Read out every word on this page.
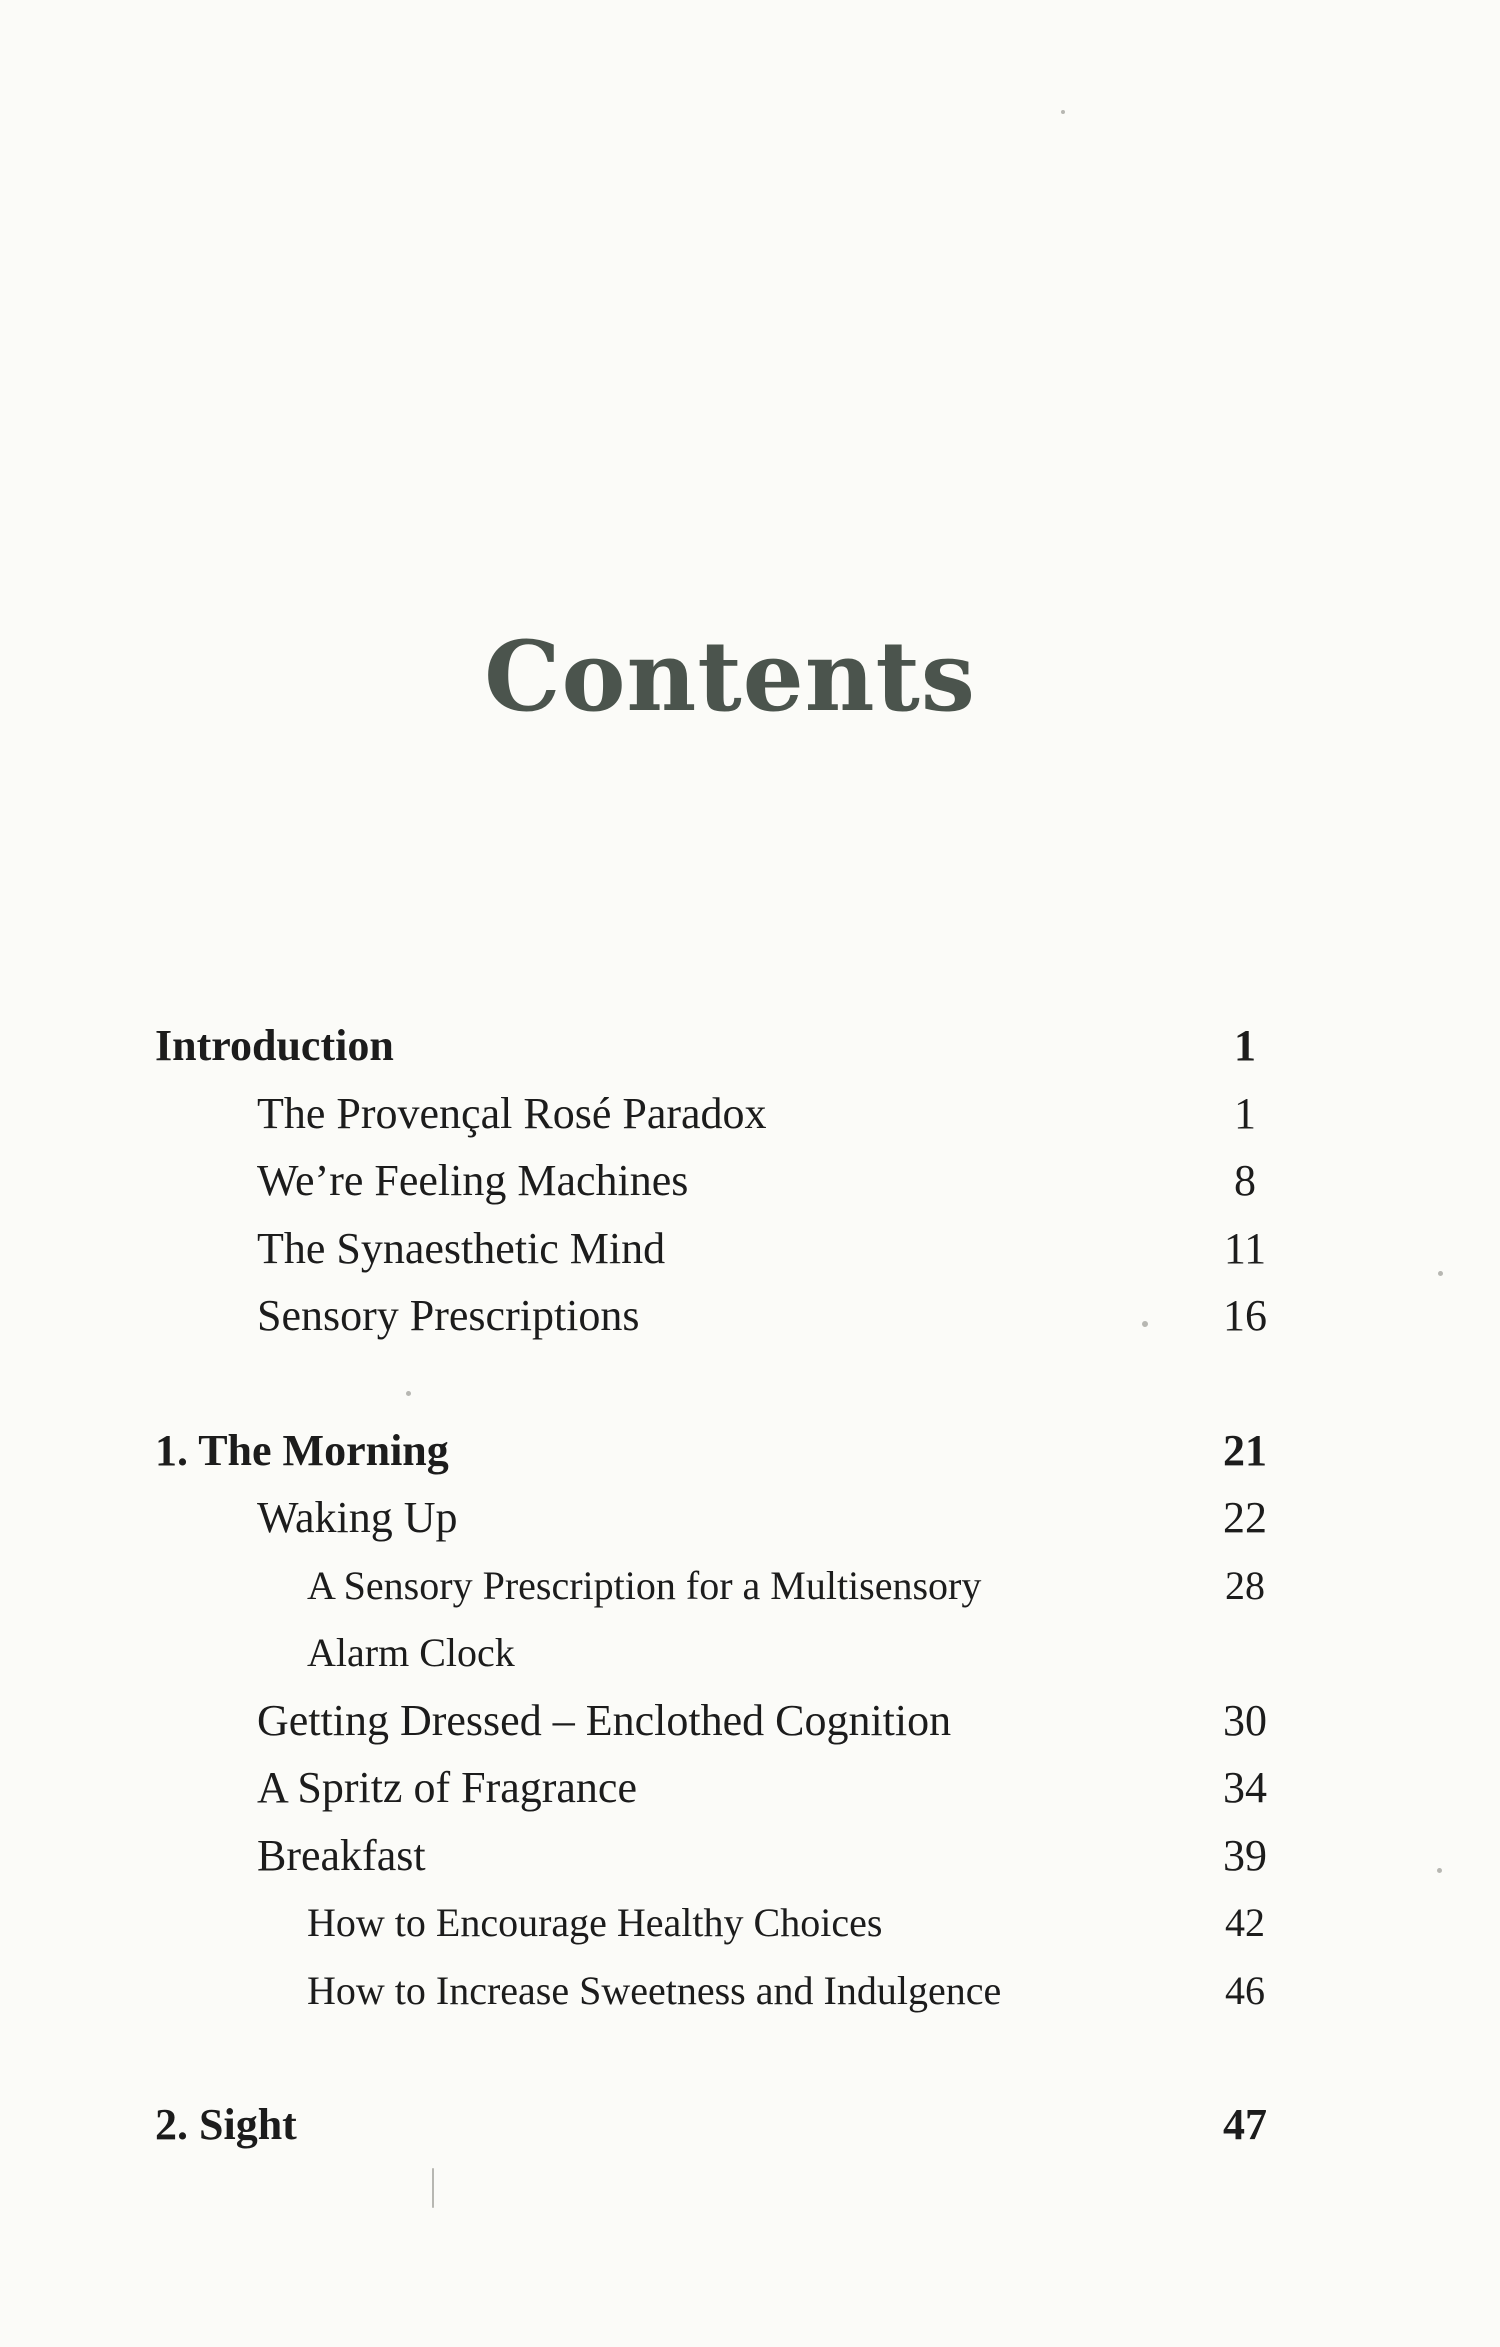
Contents
Introduction	1
The Provençal Rosé Paradox	1
We’re Feeling Machines	8
The Synaesthetic Mind	11
Sensory Prescriptions	16
1. The Morning	21
Waking Up	22
A Sensory Prescription for a Multisensory	28
Alarm Clock
Getting Dressed – Enclothed Cognition	30
A Spritz of Fragrance	34
Breakfast	39
How to Encourage Healthy Choices	42
How to Increase Sweetness and Indulgence	46
2. Sight	47
